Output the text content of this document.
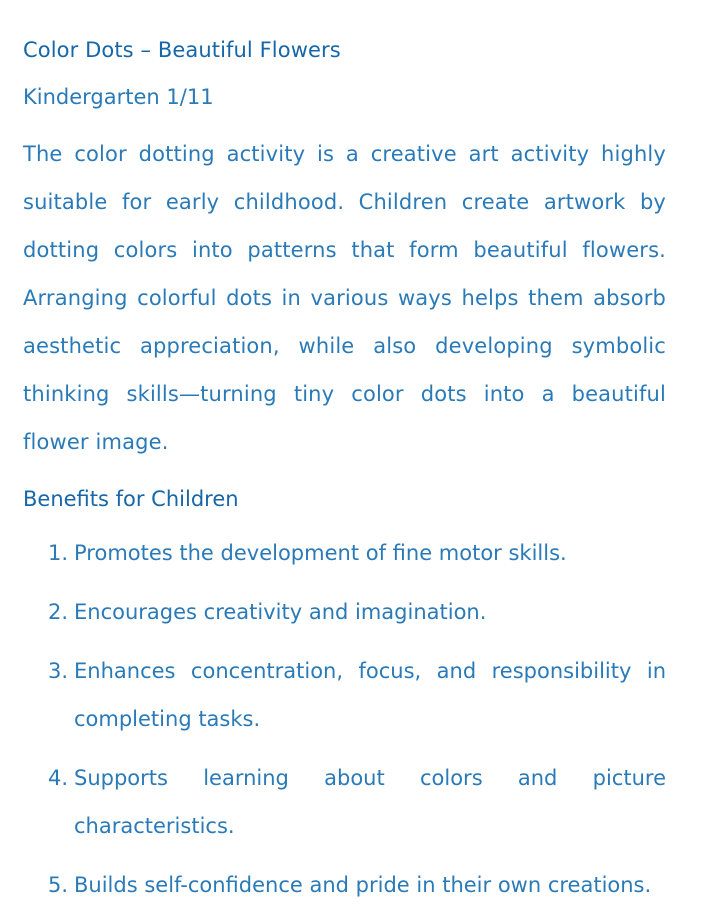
Color Dots – Beautiful Flowers

Kindergarten 1/11

The color dotting activity is a creative art activity highly suitable for early childhood. Children create artwork by dotting colors into patterns that form beautiful flowers. Arranging colorful dots in various ways helps them absorb aesthetic appreciation, while also developing symbolic thinking skills—turning tiny color dots into a beautiful flower image.

Benefits for Children
1. Promotes the development of fine motor skills.
2. Encourages creativity and imagination.
3. Enhances concentration, focus, and responsibility in completing tasks.
4. Supports learning about colors and picture characteristics.
5. Builds self-confidence and pride in their own creations.
